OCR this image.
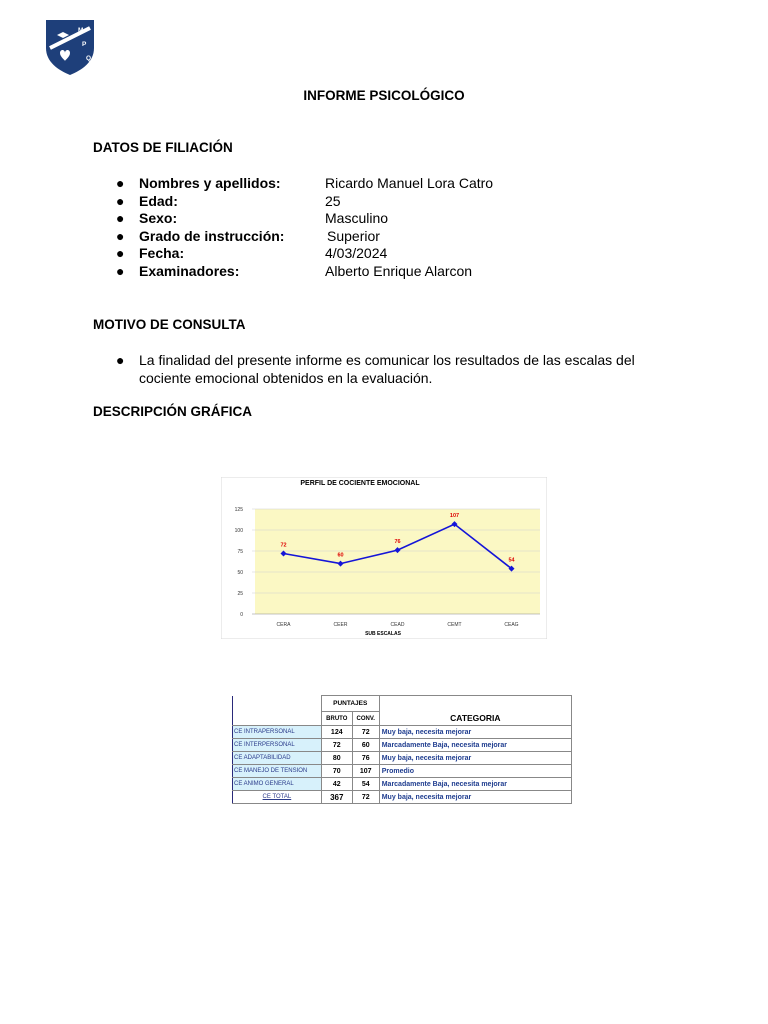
M
P
Q
INFORME PSICOLÓGICO
DATOS DE FILIACIÓN
● Nombres y apellidos:	Ricardo Manuel Lora Catro
● Edad:	25
● Sexo:	Masculino
● Grado de instrucción:	Superior
● Fecha:	4/03/2024
● Examinadores:	Alberto Enrique Alarcon
MOTIVO DE CONSULTA
● La finalidad del presente informe es comunicar los resultados de las escalas del cociente emocional obtenidos en la evaluación.
DESCRIPCIÓN GRÁFICA
PERFIL DE COCIENTE EMOCIONAL
0
25
50
75
100
125
CERA	CEER	CEAD	CEMT	CEAG
72
60
76
107
54
SUB ESCALAS
	PUNTAJES		
	BRUTO	CONV.	CATEGORIA
CE INTRAPERSONAL	124	72	Muy baja, necesita mejorar
CE INTERPERSONAL	72	60	Marcadamente Baja, necesita mejorar
CE ADAPTABILIDAD	80	76	Muy baja, necesita mejorar
CE MANEJO DE TENSION	70	107	Promedio
CE ANIMO GENERAL	42	54	Marcadamente Baja, necesita mejorar
CE TOTAL	367	72	Muy baja, necesita mejorar
